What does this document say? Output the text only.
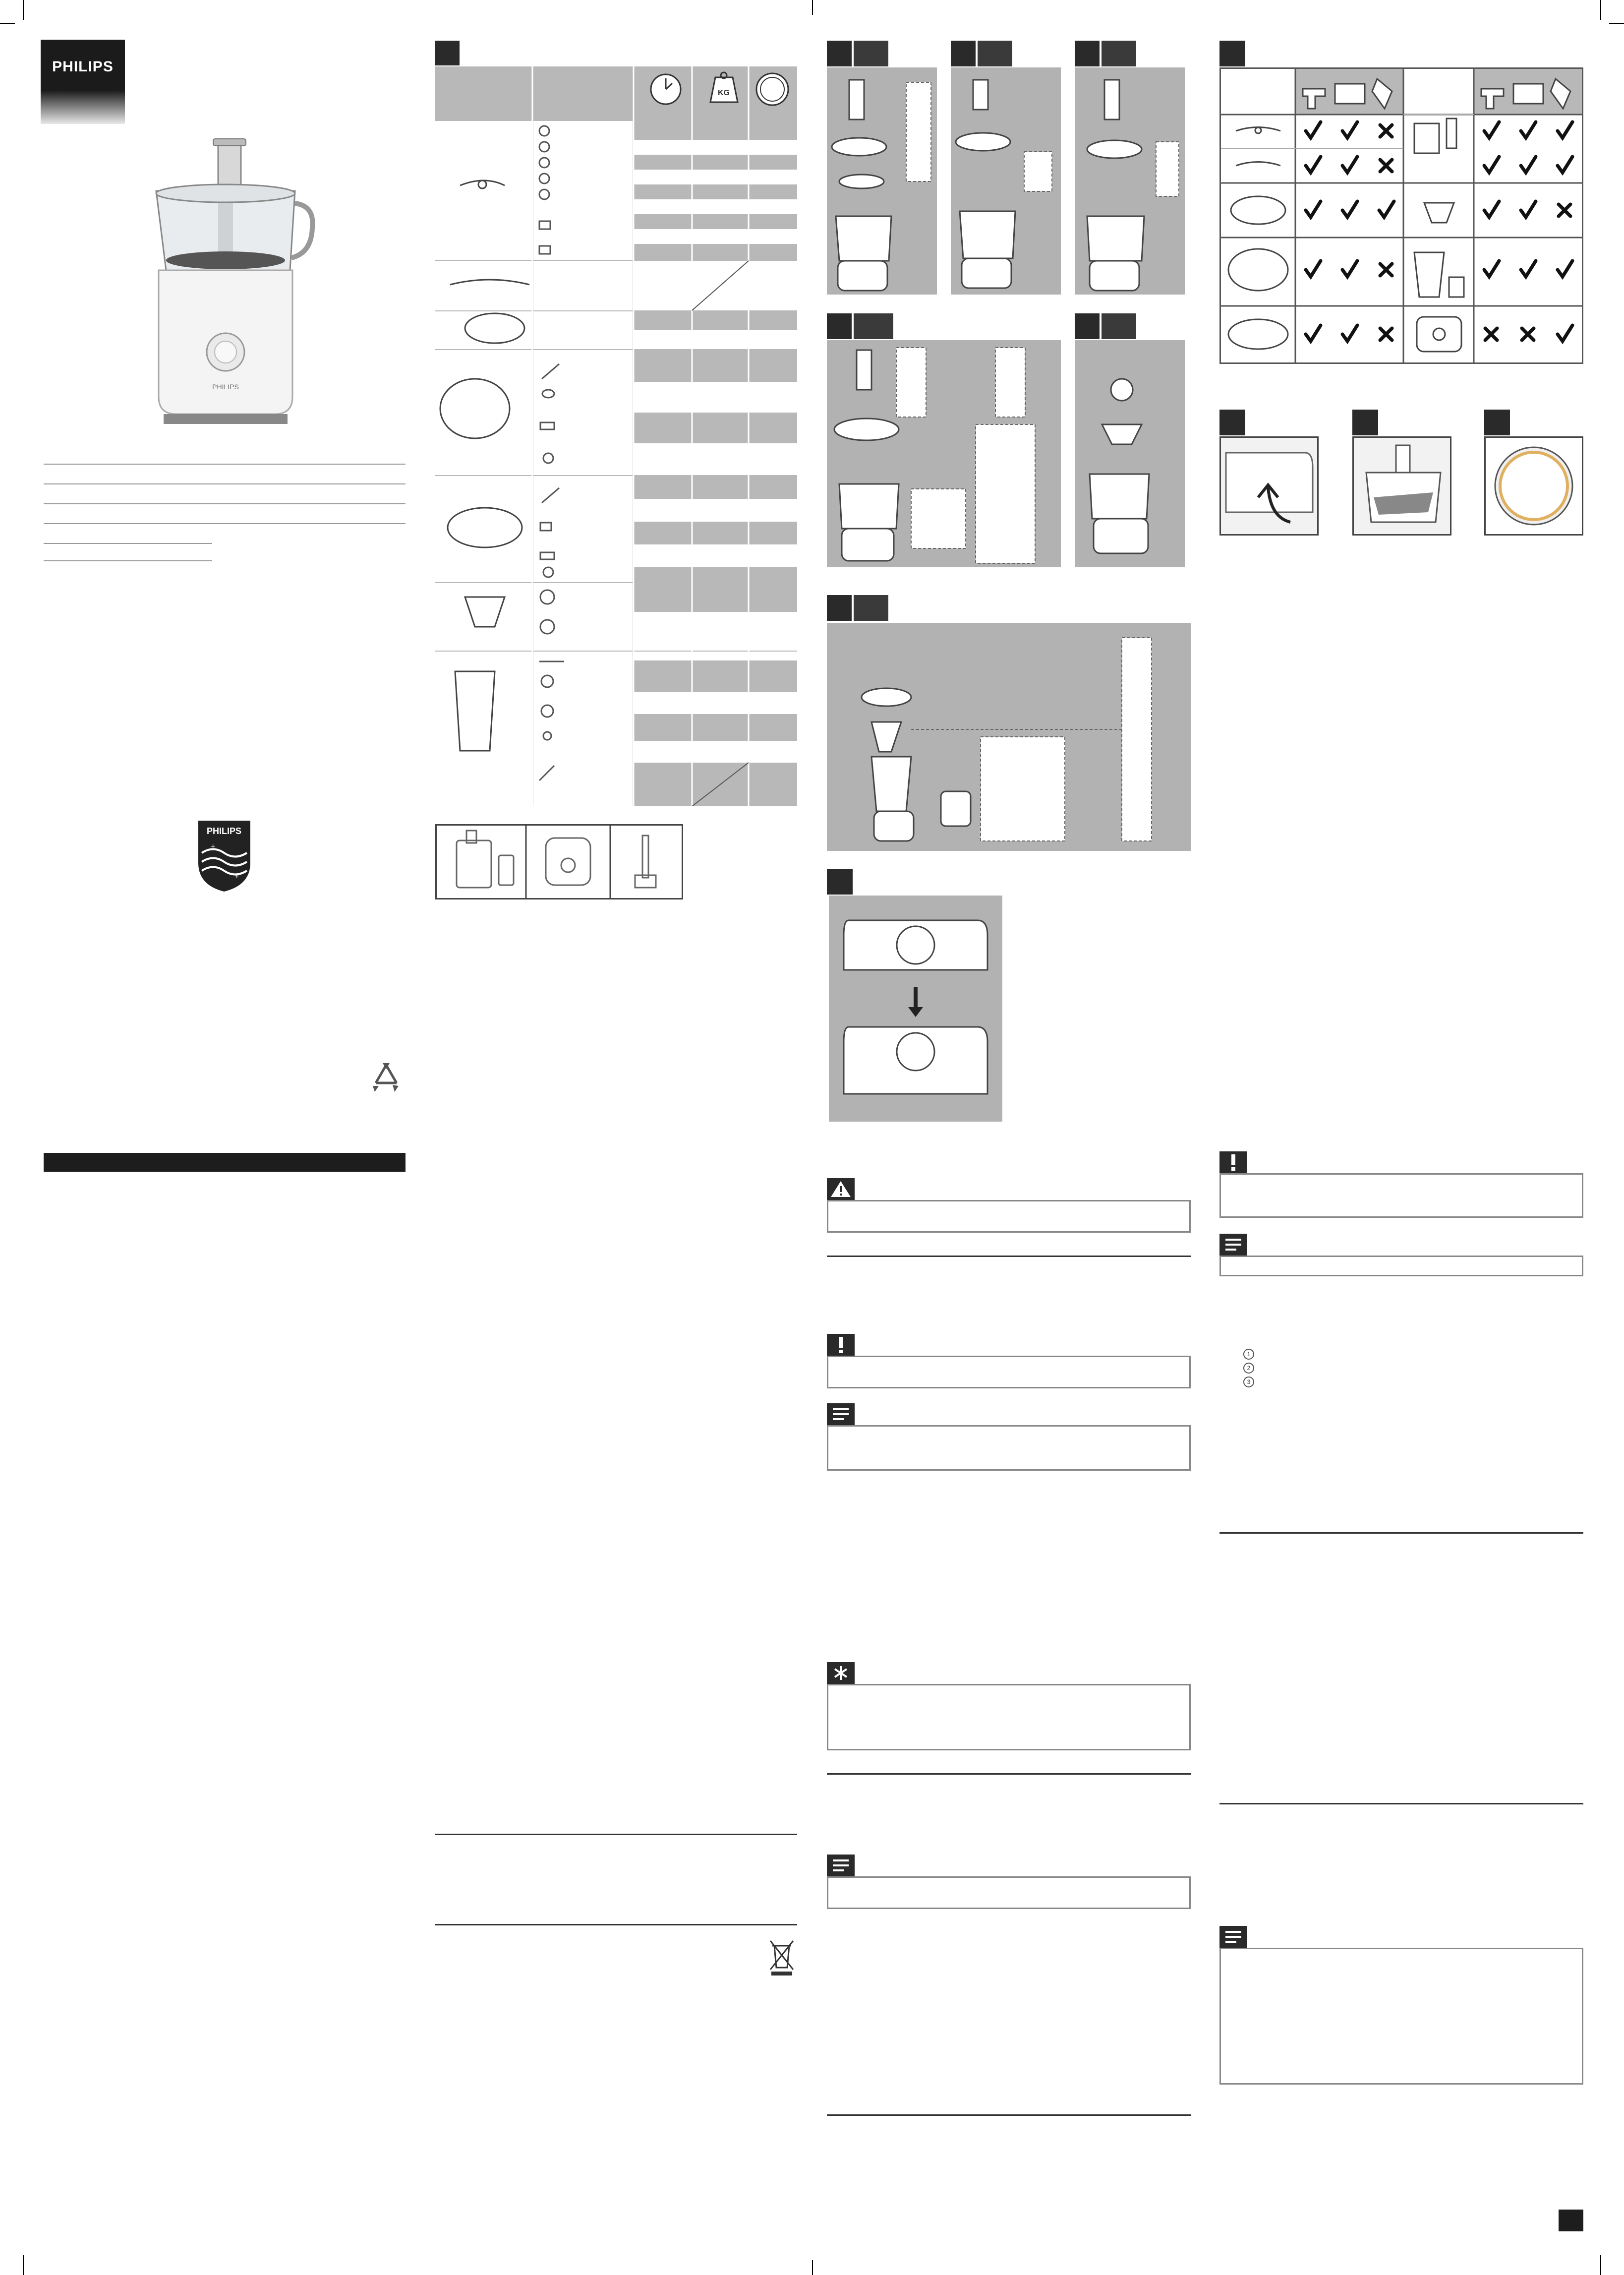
PHILIPS
PHILIPS
PHILIPS
+
+
KG
1
2
3
